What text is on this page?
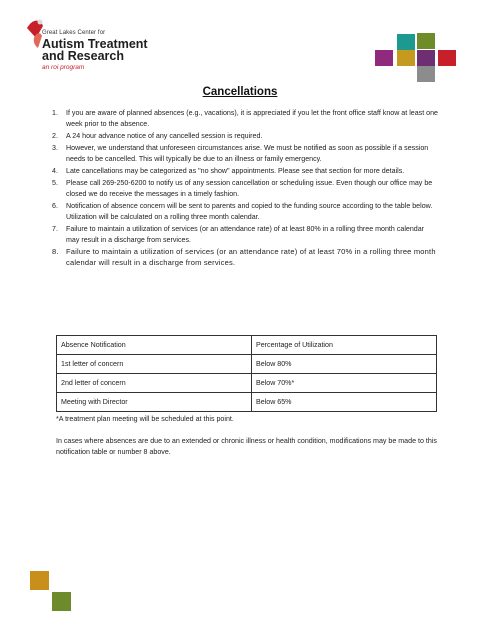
Great Lakes Center for
Autism Treatment
and Research
an roi program
Cancellations
1. If you are aware of planned absences (e.g., vacations), it is appreciated if you let the front office staff know at least one week prior to the absence.
2. A 24 hour advance notice of any cancelled session is required.
3. However, we understand that unforeseen circumstances arise. We must be notified as soon as possible if a session needs to be cancelled. This will typically be due to an illness or family emergency.
4. Late cancellations may be categorized as "no show" appointments. Please see that section for more details.
5. Please call 269-250-6200 to notify us of any session cancellation or scheduling issue. Even though our office may be closed we do receive the messages in a timely fashion.
6. Notification of absence concern will be sent to parents and copied to the funding source according to the table below. Utilization will be calculated on a rolling three month calendar.
7. Failure to maintain a utilization of services (or an attendance rate) of at least 80% in a rolling three month calendar may result in a discharge from services.
8. Failure to maintain a utilization of services (or an attendance rate) of at least 70% in a rolling three month calendar will result in a discharge from services.
Absence Notification	Percentage of Utilization
1st letter of concern	Below 80%
2nd letter of concern	Below 70%*
Meeting with Director	Below 65%
*A treatment plan meeting will be scheduled at this point.
In cases where absences are due to an extended or chronic illness or health condition, modifications may be made to this notification table or number 8 above.
